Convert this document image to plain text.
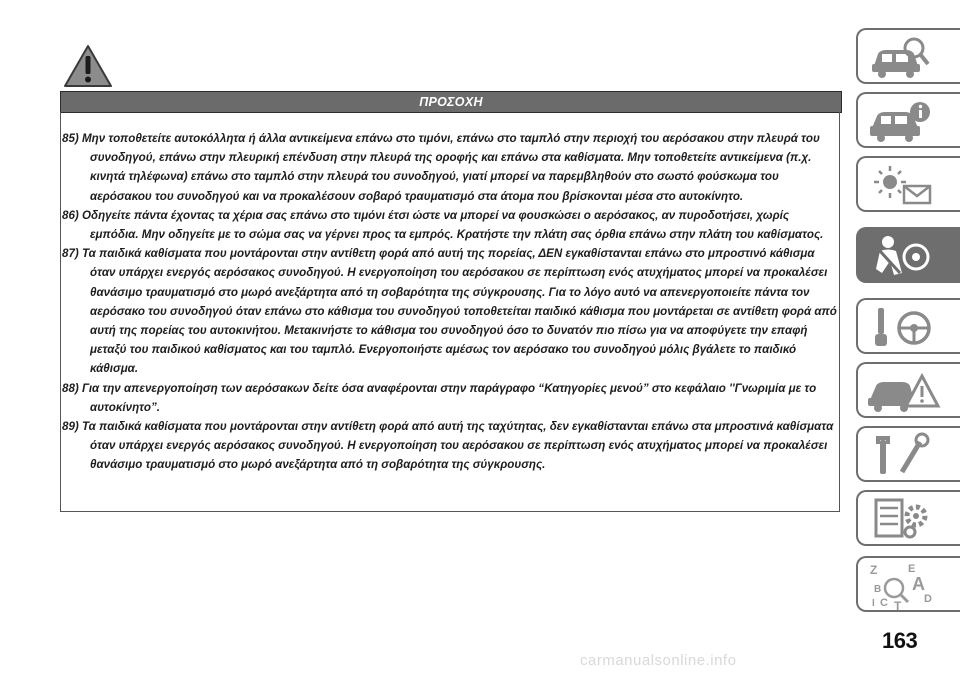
ΠΡΟΣΟΧΗ

85) Μην τοποθετείτε αυτοκόλλητα ή άλλα αντικείμενα επάνω στο τιμόνι, επάνω στο ταμπλό στην περιοχή του αερόσακου στην πλευρά του συνοδηγού, επάνω στην πλευρική επένδυση στην πλευρά της οροφής και επάνω στα καθίσματα. Μην τοποθετείτε αντικείμενα (π.χ. κινητά τηλέφωνα) επάνω στο ταμπλό στην πλευρά του συνοδηγού, γιατί μπορεί να παρεμβληθούν στο σωστό φούσκωμα του αερόσακου του συνοδηγού και να προκαλέσουν σοβαρό τραυματισμό στα άτομα που βρίσκονται μέσα στο αυτοκίνητο.

86) Οδηγείτε πάντα έχοντας τα χέρια σας επάνω στο τιμόνι έτσι ώστε να μπορεί να φουσκώσει ο αερόσακος, αν πυροδοτήσει, χωρίς εμπόδια. Μην οδηγείτε με το σώμα σας να γέρνει προς τα εμπρός. Κρατήστε την πλάτη σας όρθια επάνω στην πλάτη του καθίσματος.

87) Τα παιδικά καθίσματα που μοντάρονται στην αντίθετη φορά από αυτή της πορείας, ΔΕΝ εγκαθίστανται επάνω στο μπροστινό κάθισμα όταν υπάρχει ενεργός αερόσακος συνοδηγού. Η ενεργοποίηση του αερόσακου σε περίπτωση ενός ατυχήματος μπορεί να προκαλέσει θανάσιμο τραυματισμό στο μωρό ανεξάρτητα από τη σοβαρότητα της σύγκρουσης. Για το λόγο αυτό να απενεργοποιείτε πάντα τον αερόσακο του συνοδηγού όταν επάνω στο κάθισμα του συνοδηγού τοποθετείται παιδικό κάθισμα που μοντάρεται σε αντίθετη φορά από αυτή της πορείας του αυτοκινήτου. Μετακινήστε το κάθισμα του συνοδηγού όσο το δυνατόν πιο πίσω για να αποφύγετε την επαφή μεταξύ του παιδικού καθίσματος και του ταμπλό. Ενεργοποιήστε αμέσως τον αερόσακο του συνοδηγού μόλις βγάλετε το παιδικό κάθισμα.

88) Για την απενεργοποίηση των αερόσακων δείτε όσα αναφέρονται στην παράγραφο “Κατηγορίες μενού” στο κεφάλαιο ''Γνωριμία με το αυτοκίνητο”.

89) Τα παιδικά καθίσματα που μοντάρονται στην αντίθετη φορά από αυτή της ταχύτητας, δεν εγκαθίστανται επάνω στα μπροστινά καθίσματα όταν υπάρχει ενεργός αερόσακος συνοδηγού. Η ενεργοποίηση του αερόσακου σε περίπτωση ενός ατυχήματος μπορεί να προκαλέσει θανάσιμο τραυματισμό στο μωρό ανεξάρτητα από τη σοβαρότητα της σύγκρουσης.

Z	E
A
B
C T D
I
163
carmanualsonline.info
